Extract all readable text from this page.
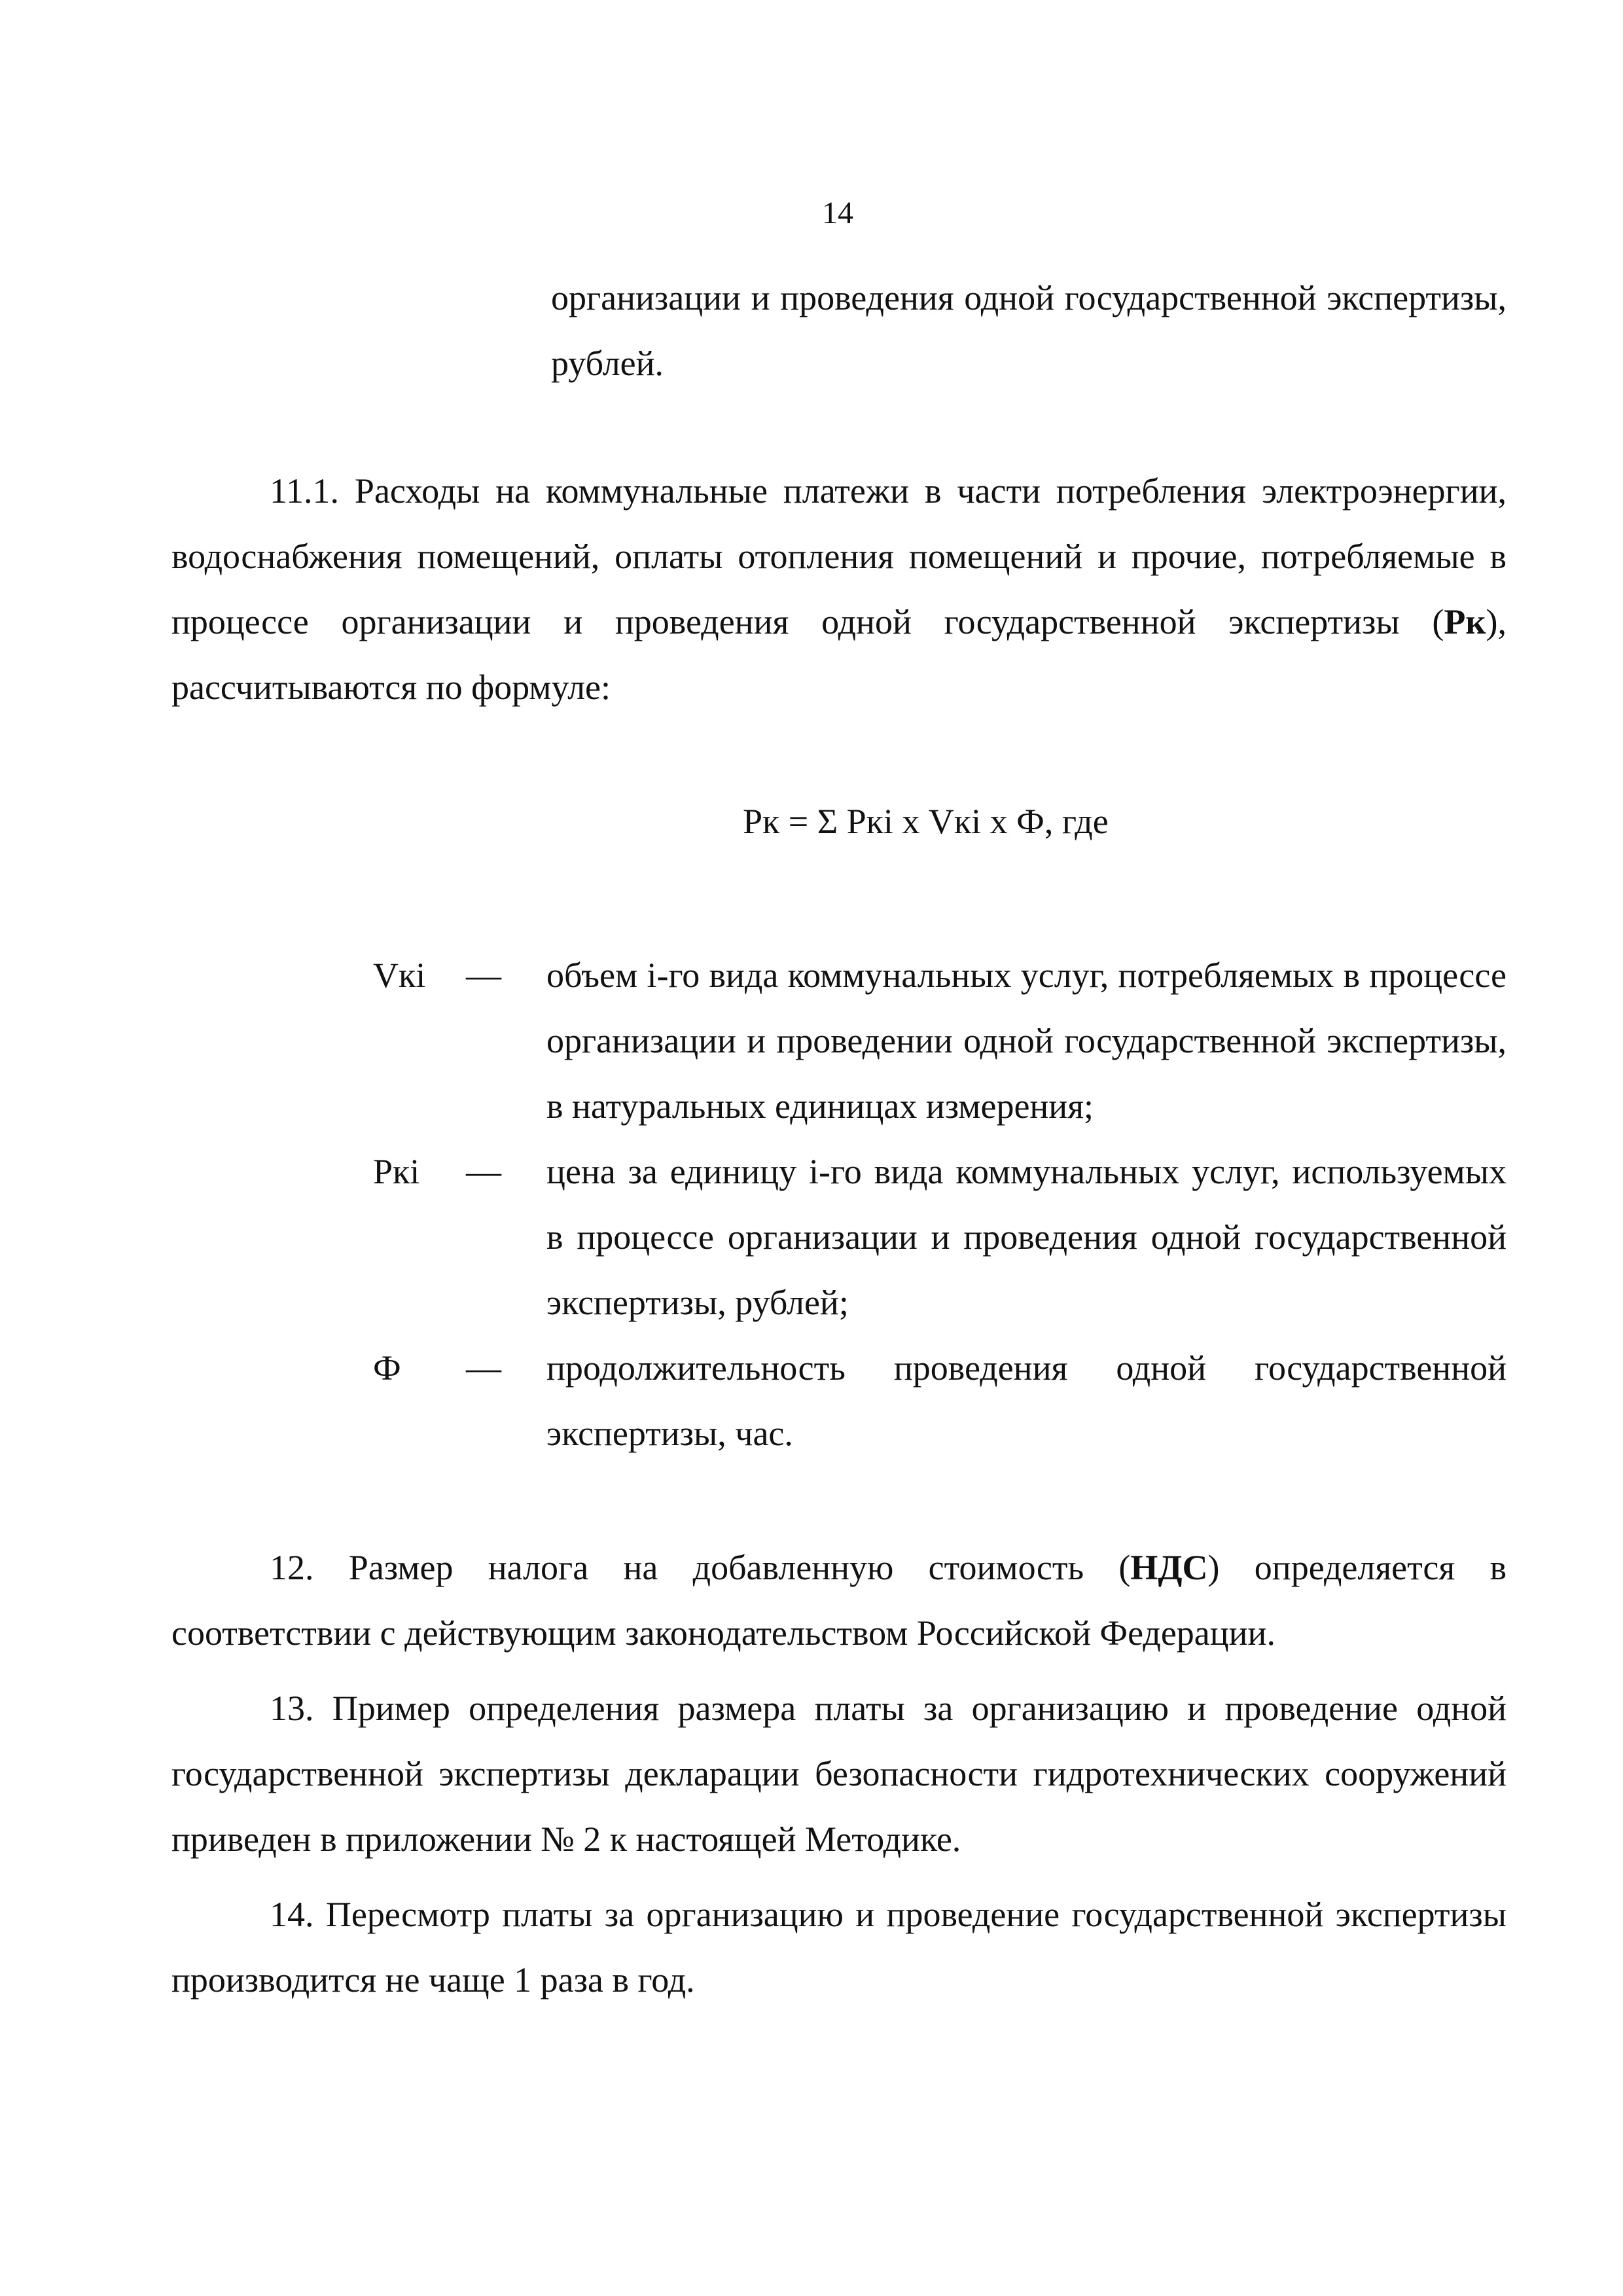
14
организации и проведения одной государственной экспертизы, рублей.
11.1. Расходы на коммунальные платежи в части потребления электроэнергии, водоснабжения помещений, оплаты отопления помещений и прочие, потребляемые в процессе организации и проведения одной государственной экспертизы (Рк), рассчитываются по формуле:
Рк = Σ Ркi х Vкi х Ф, где
Vкi — объем i-го вида коммунальных услуг, потребляемых в процессе организации и проведении одной государственной экспертизы, в натуральных единицах измерения;
Ркi — цена за единицу i-го вида коммунальных услуг, используемых в процессе организации и проведения одной государственной экспертизы, рублей;
Ф — продолжительность проведения одной государственной экспертизы, час.
12. Размер налога на добавленную стоимость (НДС) определяется в соответствии с действующим законодательством Российской Федерации.
13. Пример определения размера платы за организацию и проведение одной государственной экспертизы декларации безопасности гидротехнических сооружений приведен в приложении № 2 к настоящей Методике.
14. Пересмотр платы за организацию и проведение государственной экспертизы производится не чаще 1 раза в год.
